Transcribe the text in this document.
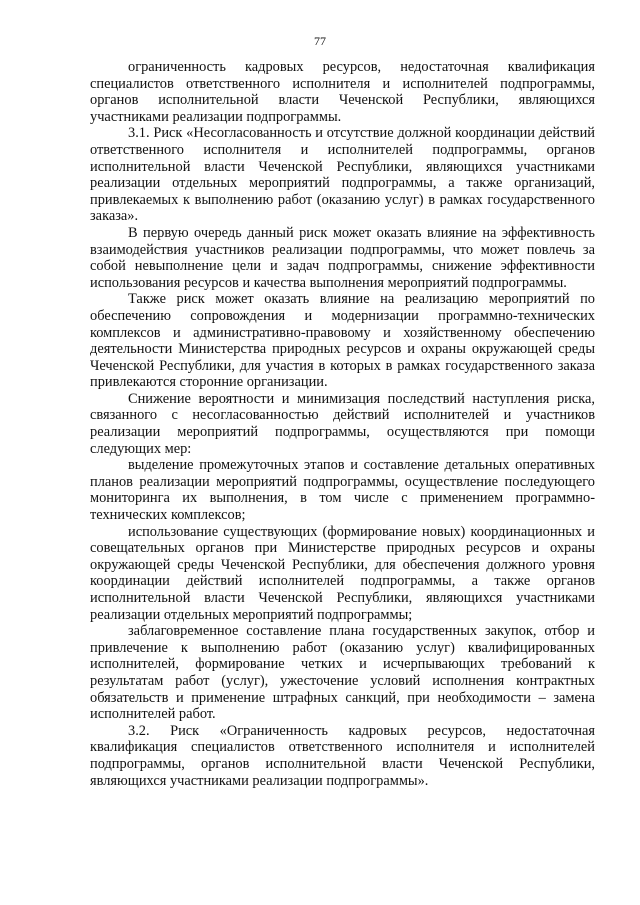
77

ограниченность кадровых ресурсов, недостаточная квалификация специалистов ответственного исполнителя и исполнителей подпрограммы, органов исполнительной власти Чеченской Республики, являющихся участниками реализации подпрограммы.

3.1. Риск «Несогласованность и отсутствие должной координации действий ответственного исполнителя и исполнителей подпрограммы, органов исполнительной власти Чеченской Республики, являющихся участниками реализации отдельных мероприятий подпрограммы, а также организаций, привлекаемых к выполнению работ (оказанию услуг) в рамках государственного заказа».

В первую очередь данный риск может оказать влияние на эффективность взаимодействия участников реализации подпрограммы, что может повлечь за собой невыполнение цели и задач подпрограммы, снижение эффективности использования ресурсов и качества выполнения мероприятий подпрограммы.

Также риск может оказать влияние на реализацию мероприятий по обеспечению сопровождения и модернизации программно-технических комплексов и административно-правовому и хозяйственному обеспечению деятельности Министерства природных ресурсов и охраны окружающей среды Чеченской Республики, для участия в которых в рамках государственного заказа привлекаются сторонние организации.

Снижение вероятности и минимизация последствий наступления риска, связанного с несогласованностью действий исполнителей и участников реализации мероприятий подпрограммы, осуществляются при помощи следующих мер:

выделение промежуточных этапов и составление детальных оперативных планов реализации мероприятий подпрограммы, осуществление последующего мониторинга их выполнения, в том числе с применением программно-технических комплексов;

использование существующих (формирование новых) координационных и совещательных органов при Министерстве природных ресурсов и охраны окружающей среды Чеченской Республики, для обеспечения должного уровня координации действий исполнителей подпрограммы, а также органов исполнительной власти Чеченской Республики, являющихся участниками реализации отдельных мероприятий подпрограммы;

заблаговременное составление плана государственных закупок, отбор и привлечение к выполнению работ (оказанию услуг) квалифицированных исполнителей, формирование четких и исчерпывающих требований к результатам работ (услуг), ужесточение условий исполнения контрактных обязательств и применение штрафных санкций, при необходимости – замена исполнителей работ.

3.2. Риск «Ограниченность кадровых ресурсов, недостаточная квалификация специалистов ответственного исполнителя и исполнителей подпрограммы, органов исполнительной власти Чеченской Республики, являющихся участниками реализации подпрограммы».
